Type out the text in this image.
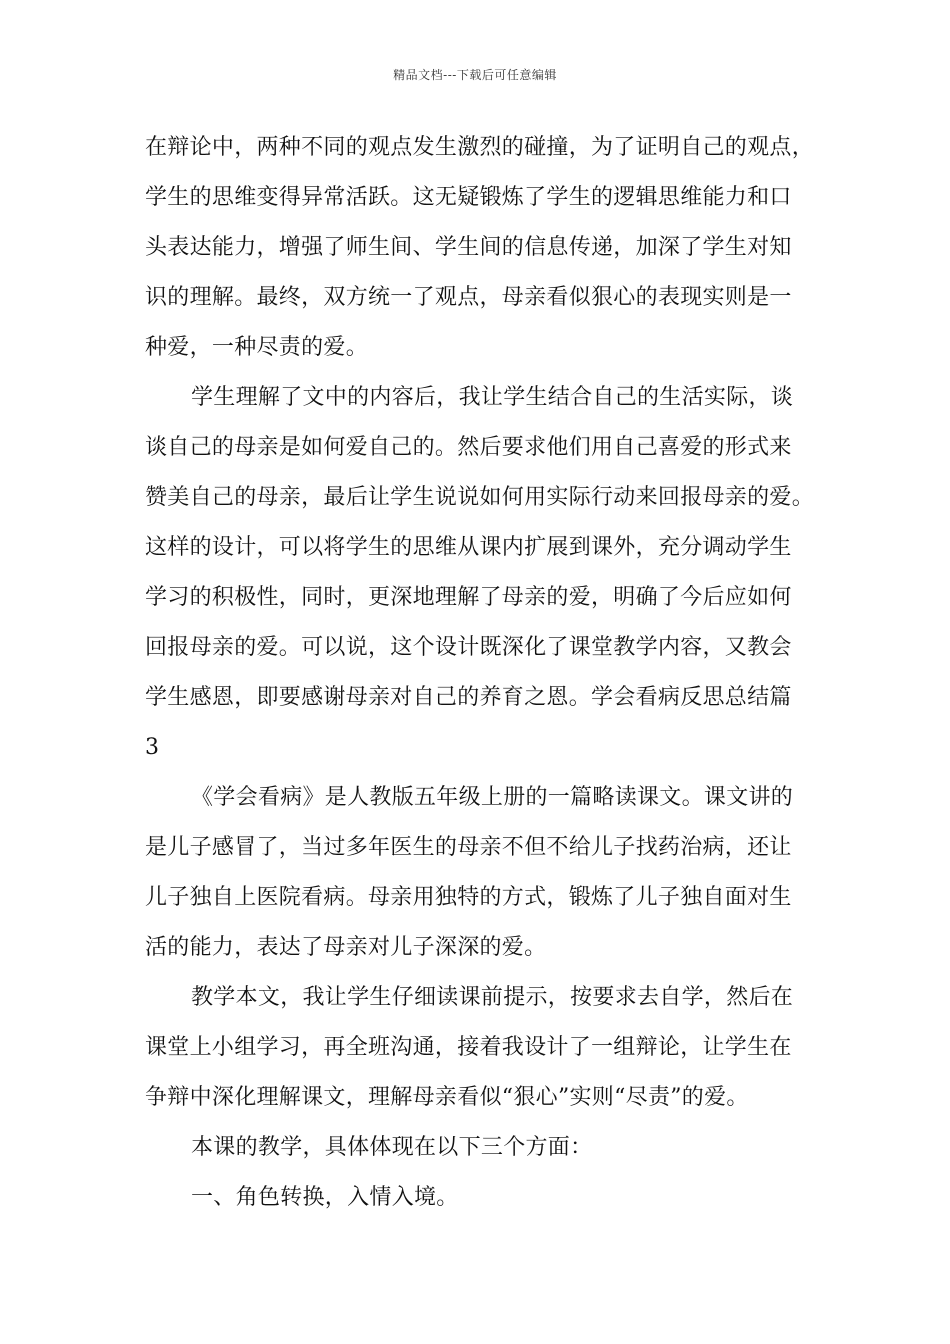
精品文档---下载后可任意编辑
在辩论中，两种不同的观点发生激烈的碰撞，为了证明自己的观点，
学生的思维变得异常活跃。这无疑锻炼了学生的逻辑思维能力和口
头表达能力，增强了师生间、学生间的信息传递，加深了学生对知
识的理解。最终，双方统一了观点，母亲看似狠心的表现实则是一
种爱，一种尽责的爱。
学生理解了文中的内容后，我让学生结合自己的生活实际，谈
谈自己的母亲是如何爱自己的。然后要求他们用自己喜爱的形式来
赞美自己的母亲，最后让学生说说如何用实际行动来回报母亲的爱。
这样的设计，可以将学生的思维从课内扩展到课外，充分调动学生
学习的积极性，同时，更深地理解了母亲的爱，明确了今后应如何
回报母亲的爱。可以说，这个设计既深化了课堂教学内容，又教会
学生感恩，即要感谢母亲对自己的养育之恩。学会看病反思总结篇
3
《学会看病》是人教版五年级上册的一篇略读课文。课文讲的
是儿子感冒了，当过多年医生的母亲不但不给儿子找药治病，还让
儿子独自上医院看病。母亲用独特的方式，锻炼了儿子独自面对生
活的能力，表达了母亲对儿子深深的爱。
教学本文，我让学生仔细读课前提示，按要求去自学，然后在
课堂上小组学习，再全班沟通，接着我设计了一组辩论，让学生在
争辩中深化理解课文，理解母亲看似“狠心”实则“尽责”的爱。
本课的教学，具体体现在以下三个方面：
一、角色转换，入情入境。
